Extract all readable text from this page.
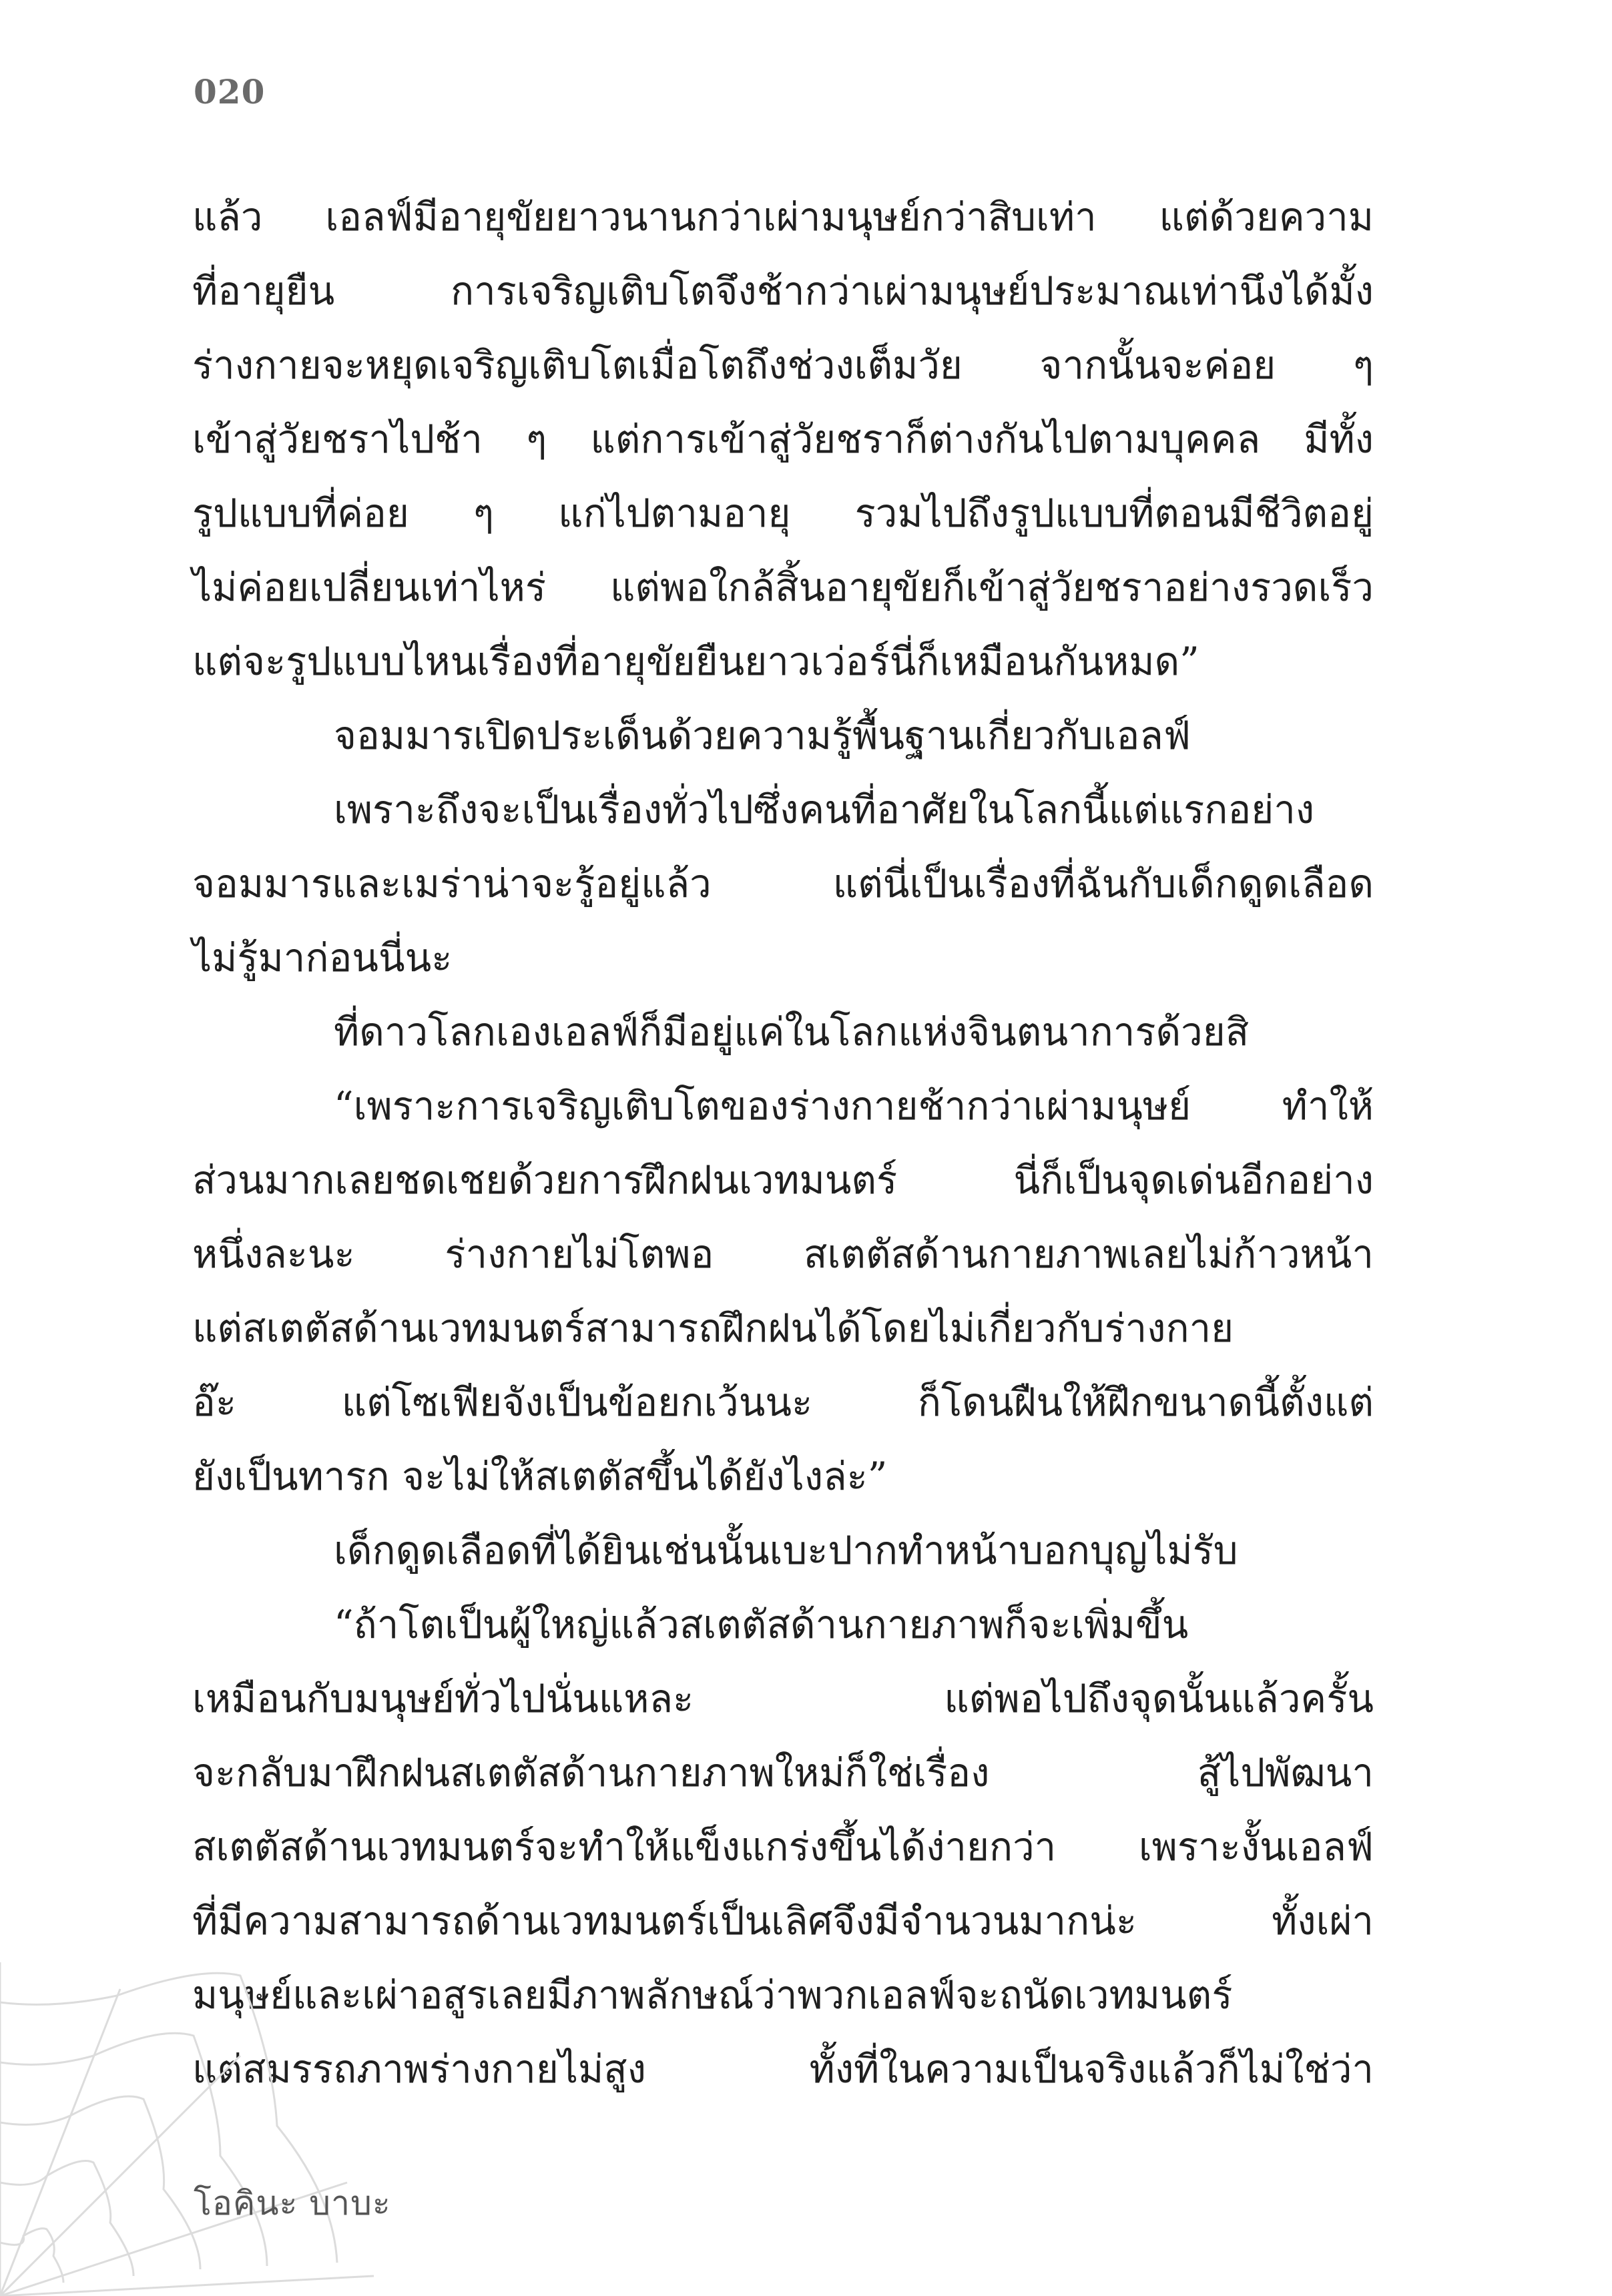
020
แล้ว เอลฟ์มีอายุขัยยาวนานกว่าเผ่ามนุษย์กว่าสิบเท่า แต่ด้วยความ
ที่อายุยืน การเจริญเติบโตจึงช้ากว่าเผ่ามนุษย์ประมาณเท่านึงได้มั้ง
ร่างกายจะหยุดเจริญเติบโตเมื่อโตถึงช่วงเต็มวัย จากนั้นจะค่อย ๆ
เข้าสู่วัยชราไปช้า ๆ แต่การเข้าสู่วัยชราก็ต่างกันไปตามบุคคล มีทั้ง
รูปแบบที่ค่อย ๆ แก่ไปตามอายุ รวมไปถึงรูปแบบที่ตอนมีชีวิตอยู่
ไม่ค่อยเปลี่ยนเท่าไหร่ แต่พอใกล้สิ้นอายุขัยก็เข้าสู่วัยชราอย่างรวดเร็ว
แต่จะรูปแบบไหนเรื่องที่อายุขัยยืนยาวเว่อร์นี่ก็เหมือนกันหมด”
จอมมารเปิดประเด็นด้วยความรู้พื้นฐานเกี่ยวกับเอลฟ์
เพราะถึงจะเป็นเรื่องทั่วไปซึ่งคนที่อาศัยในโลกนี้แต่แรกอย่าง
จอมมารและเมร่าน่าจะรู้อยู่แล้ว แต่นี่เป็นเรื่องที่ฉันกับเด็กดูดเลือด
ไม่รู้มาก่อนนี่นะ
ที่ดาวโลกเองเอลฟ์ก็มีอยู่แค่ในโลกแห่งจินตนาการด้วยสิ
“เพราะการเจริญเติบโตของร่างกายช้ากว่าเผ่ามนุษย์ ทำให้
ส่วนมากเลยชดเชยด้วยการฝึกฝนเวทมนตร์ นี่ก็เป็นจุดเด่นอีกอย่าง
หนึ่งละนะ ร่างกายไม่โตพอ สเตตัสด้านกายภาพเลยไม่ก้าวหน้า
แต่สเตตัสด้านเวทมนตร์สามารถฝึกฝนได้โดยไม่เกี่ยวกับร่างกาย
อ๊ะ แต่โซเฟียจังเป็นข้อยกเว้นนะ ก็โดนฝืนให้ฝึกขนาดนี้ตั้งแต่
ยังเป็นทารก จะไม่ให้สเตตัสขึ้นได้ยังไงล่ะ”
เด็กดูดเลือดที่ได้ยินเช่นนั้นเบะปากทำหน้าบอกบุญไม่รับ
“ถ้าโตเป็นผู้ใหญ่แล้วสเตตัสด้านกายภาพก็จะเพิ่มขึ้น
เหมือนกับมนุษย์ทั่วไปนั่นแหละ แต่พอไปถึงจุดนั้นแล้วครั้น
จะกลับมาฝึกฝนสเตตัสด้านกายภาพใหม่ก็ใช่เรื่อง สู้ไปพัฒนา
สเตตัสด้านเวทมนตร์จะทำให้แข็งแกร่งขึ้นได้ง่ายกว่า เพราะงั้นเอลฟ์
ที่มีความสามารถด้านเวทมนตร์เป็นเลิศจึงมีจำนวนมากน่ะ ทั้งเผ่า
มนุษย์และเผ่าอสูรเลยมีภาพลักษณ์ว่าพวกเอลฟ์จะถนัดเวทมนตร์
แต่สมรรถภาพร่างกายไม่สูง ทั้งที่ในความเป็นจริงแล้วก็ไม่ใช่ว่า
โอคินะ บาบะ
